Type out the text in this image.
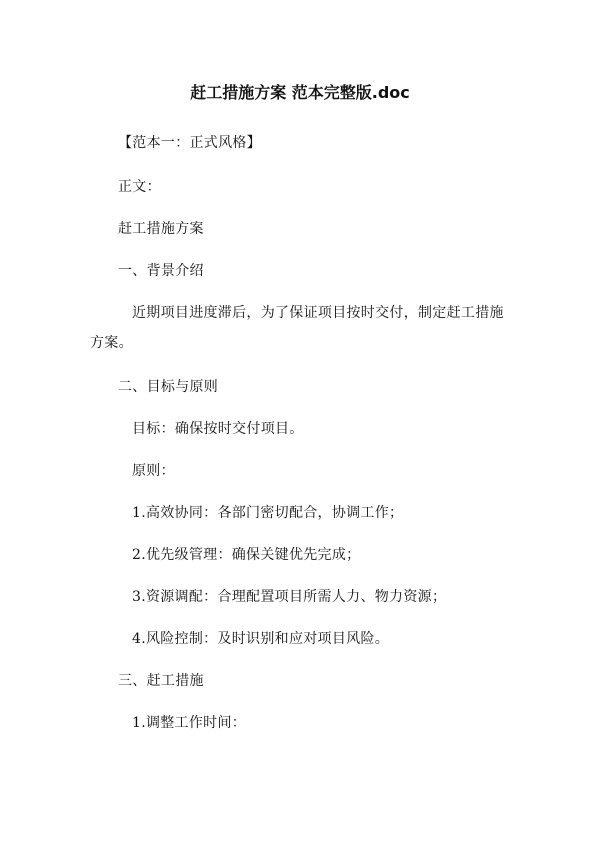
赶工措施方案 范本完整版.doc
【范本一：正式风格】
正文：
赶工措施方案
一、背景介绍
近期项目进度滞后，为了保证项目按时交付，制定赶工措施
方案。
二、目标与原则
目标：确保按时交付项目。
原则：
1.高效协同：各部门密切配合，协调工作；
2.优先级管理：确保关键优先完成；
3.资源调配：合理配置项目所需人力、物力资源；
4.风险控制：及时识别和应对项目风险。
三、赶工措施
1.调整工作时间：
